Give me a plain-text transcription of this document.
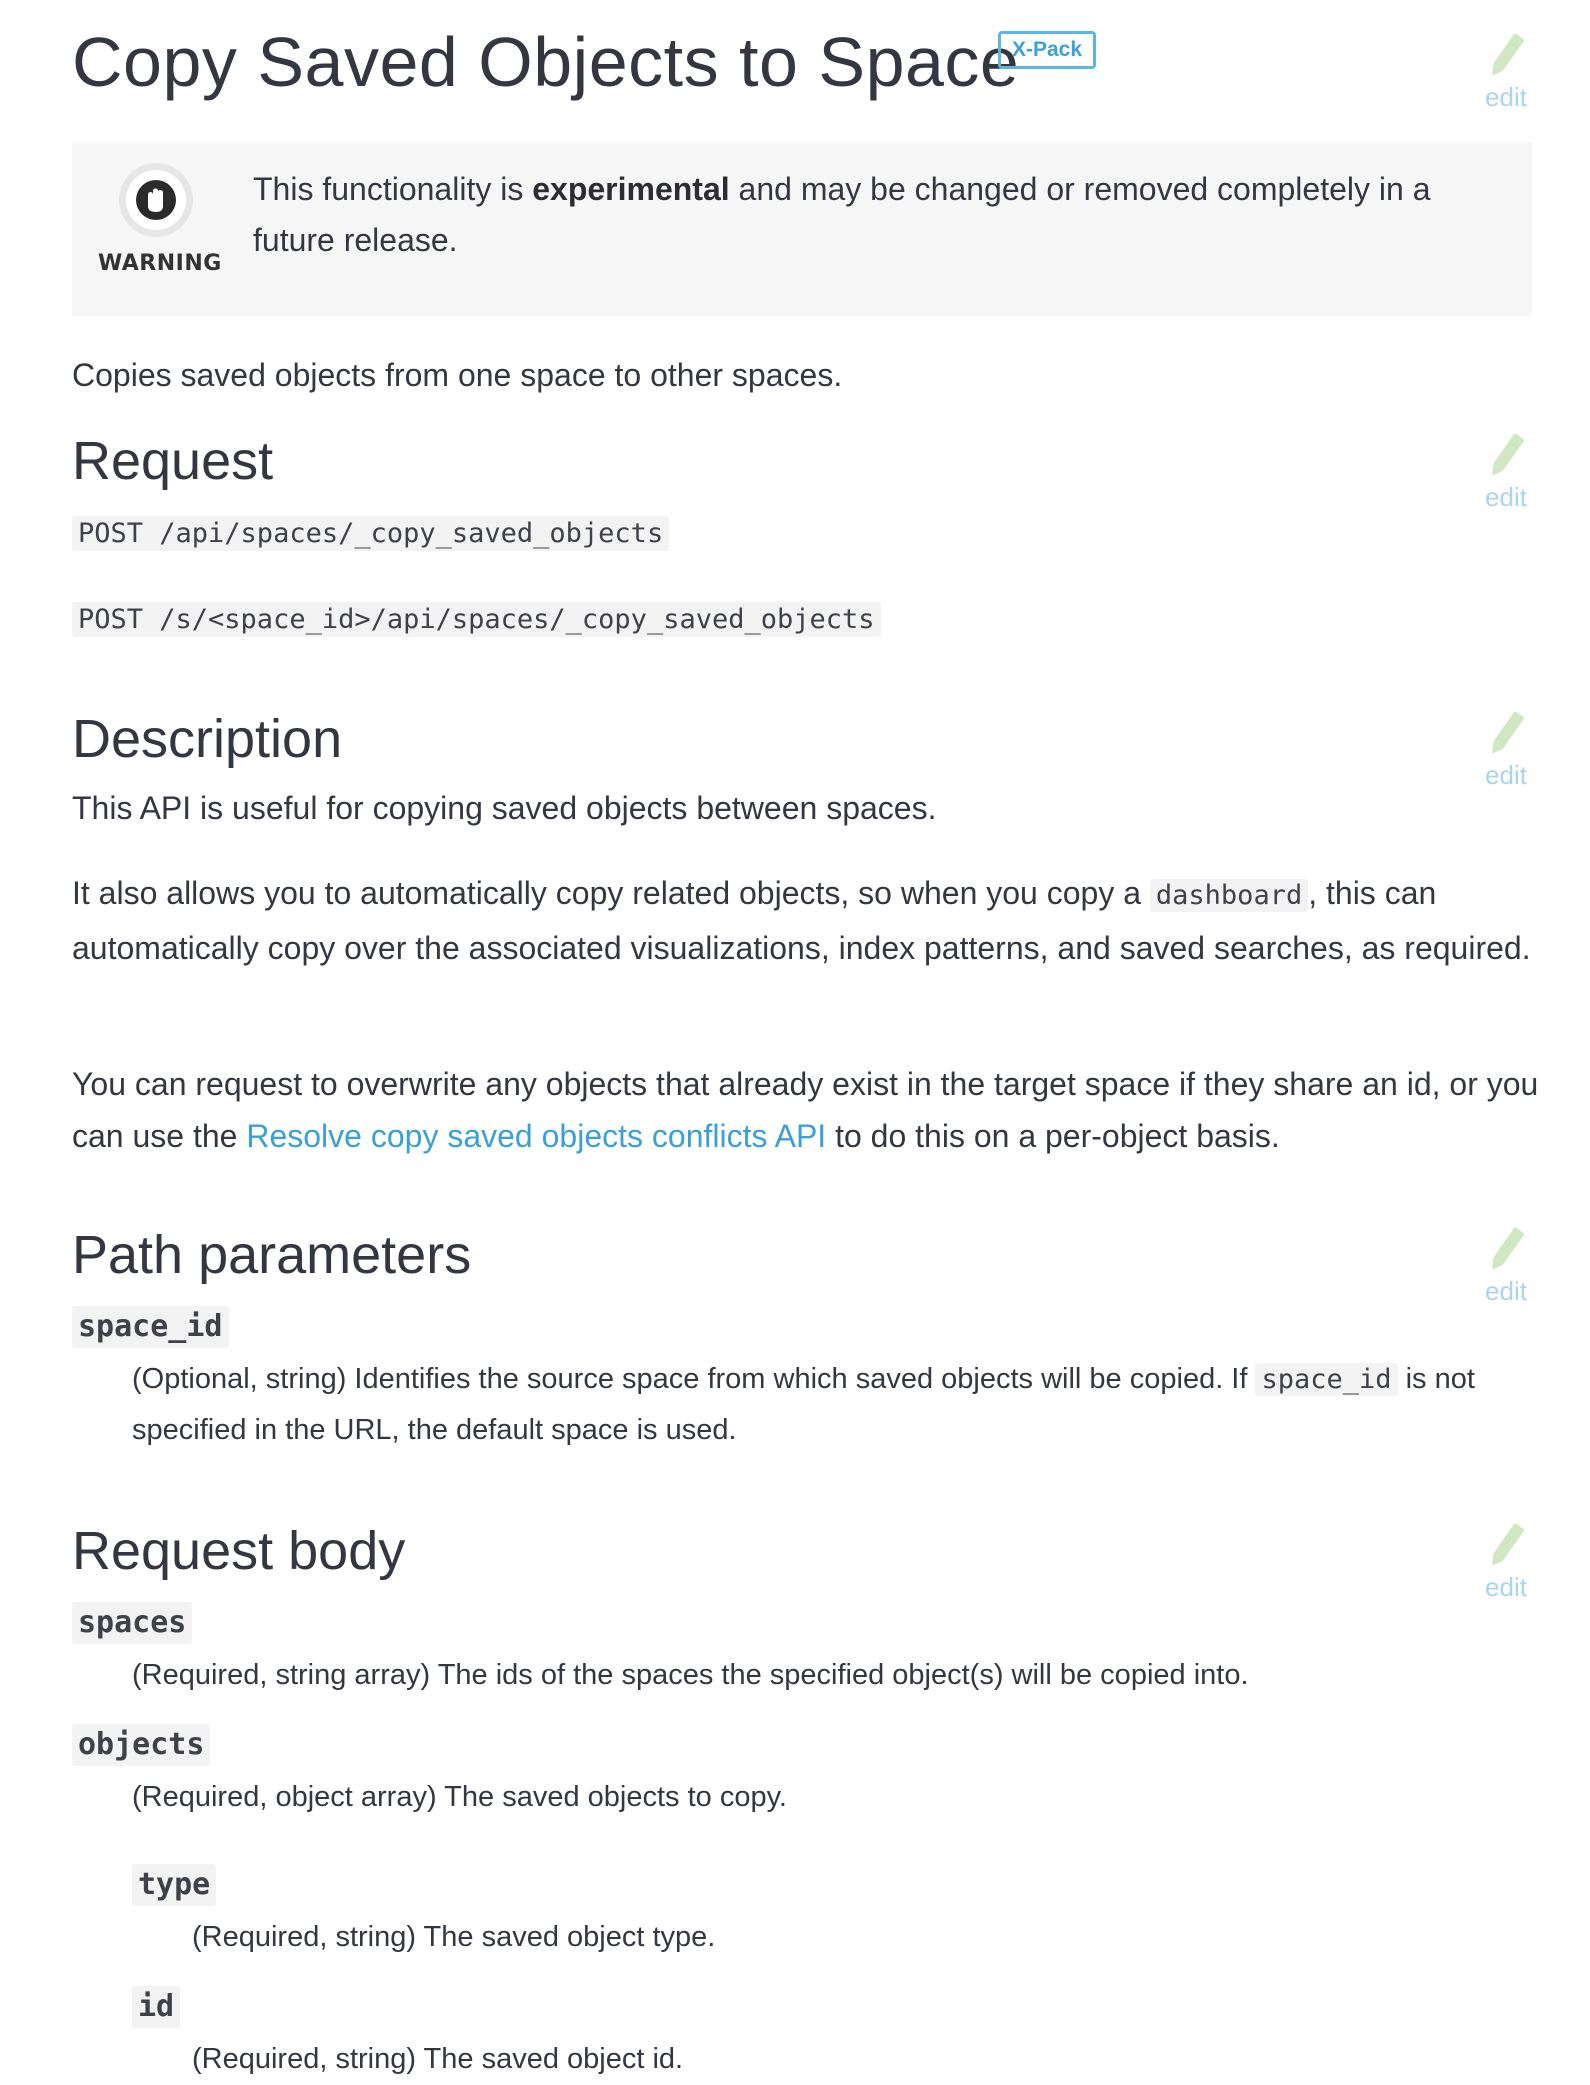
Copy Saved Objects to Space
X-Pack
edit
WARNING
This functionality is experimental and may be changed or removed completely in a future release.

Copies saved objects from one space to other spaces.

Request
edit

POST /api/spaces/_copy_saved_objects

POST /s/<space_id>/api/spaces/_copy_saved_objects

Description
edit

This API is useful for copying saved objects between spaces.

It also allows you to automatically copy related objects, so when you copy a dashboard , this can automatically copy over the associated visualizations, index patterns, and saved searches, as required.

You can request to overwrite any objects that already exist in the target space if they share an id, or you can use the Resolve copy saved objects conflicts API to do this on a per-object basis.

Path parameters
edit
space_id

(Optional, string) Identifies the source space from which saved objects will be copied. If space_id is not specified in the URL, the default space is used.

Request body
edit
spaces

(Required, string array) The ids of the spaces the specified object(s) will be copied into.

objects

(Required, object array) The saved objects to copy.

type

(Required, string) The saved object type.

id

(Required, string) The saved object id.
